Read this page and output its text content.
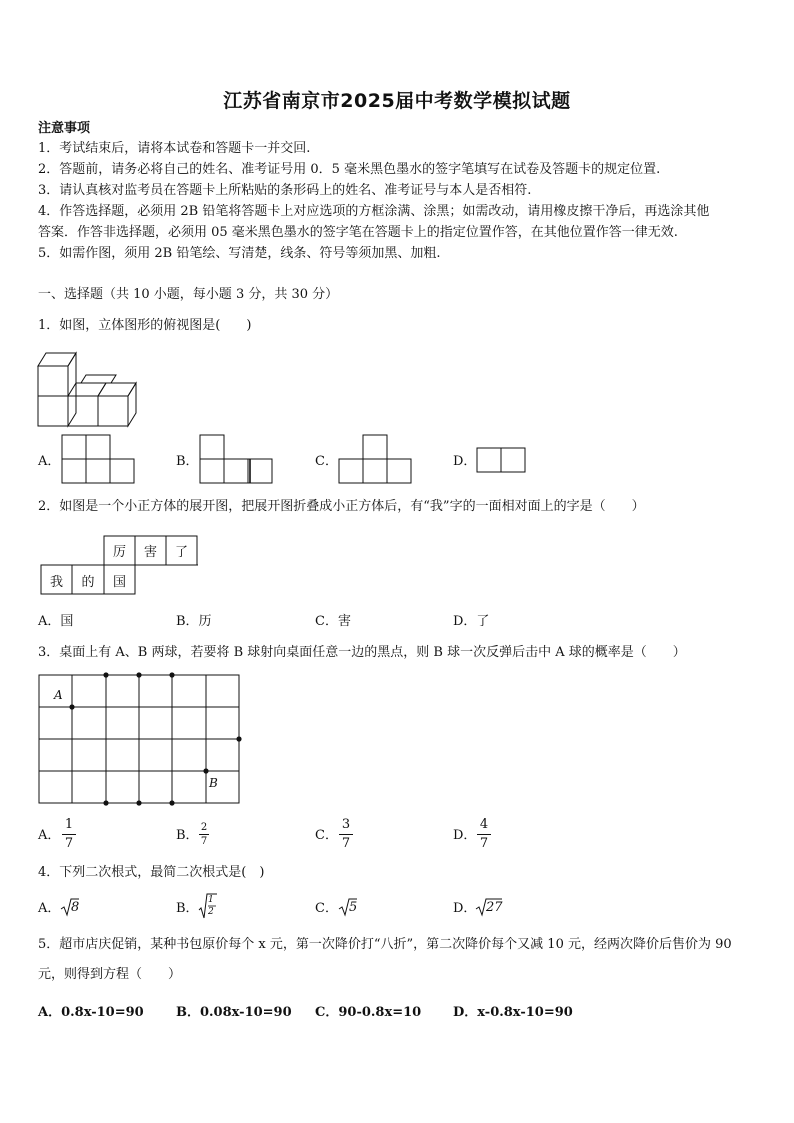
江苏省南京市2025届中考数学模拟试题
注意事项
1．考试结束后，请将本试卷和答题卡一并交回.
2．答题前，请务必将自己的姓名、准考证号用 0．5 毫米黑色墨水的签字笔填写在试卷及答题卡的规定位置.
3．请认真核对监考员在答题卡上所粘贴的条形码上的姓名、准考证号与本人是否相符.
4．作答选择题，必须用 2B 铅笔将答题卡上对应选项的方框涂满、涂黑；如需改动，请用橡皮擦干净后，再选涂其他
答案．作答非选择题，必须用 05 毫米黑色墨水的签字笔在答题卡上的指定位置作答，在其他位置作答一律无效.
5．如需作图，须用 2B 铅笔绘、写清楚，线条、符号等须加黑、加粗.
一、选择题（共 10 小题，每小题 3 分，共 30 分）
1．如图，立体图形的俯视图是(　　)
A．	B．	C．	D．
2．如图是一个小正方体的展开图，把展开图折叠成小正方体后，有“我”字的一面相对面上的字是（　　）
厉	害	了
我	的	国
A．国	B．历	C．害	D．了
3．桌面上有 A、B 两球，若要将 B 球射向桌面任意一边的黑点，则 B 球一次反弹后击中 A 球的概率是（　　）
A
B
A．
1
7
B．
2
7	C．
3
7
D．
4
7
4．下列二次根式，最简二次根式是(　)
A． 8	B．
1
2	C． 5	D． 27
5．超市店庆促销，某种书包原价每个 x 元，第一次降价打“八折”，第二次降价每个又减 10 元，经两次降价后售价为 90
元，则得到方程（　　）
A．0.8x-10=90 B．0.08x-10=90 C．90-0.8x=10 D．x-0.8x-10=90
